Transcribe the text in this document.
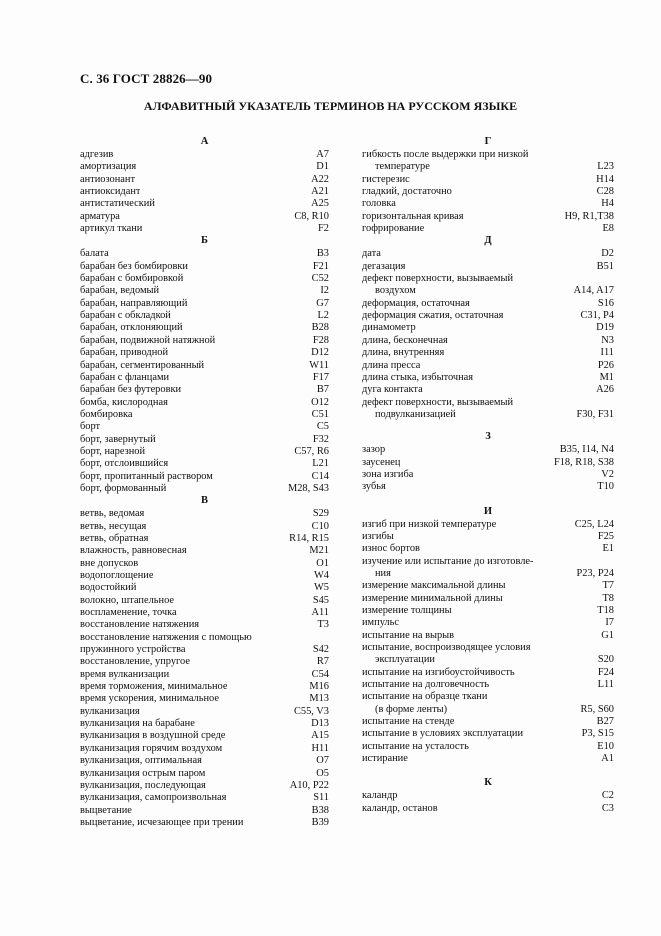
С. 36 ГОСТ 28826—90
АЛФАВИТНЫЙ УКАЗАТЕЛЬ ТЕРМИНОВ НА РУССКОМ ЯЗЫКЕ
А
адгезив	A7
амортизация	D1
антиозонант	A22
антиоксидант	A21
антистатический	A25
арматура	C8, R10
артикул ткани	F2
Б
балата	B3
барабан без бомбировки	F21
барабан с бомбировкой	C52
барабан, ведомый	I2
барабан, направляющий	G7
барабан с обкладкой	L2
барабан, отклоняющий	B28
барабан, подвижной натяжной	F28
барабан, приводной	D12
барабан, сегментированный	W11
барабан с фланцами	F17
барабан без футеровки	B7
бомба, кислородная	O12
бомбировка	C51
борт	C5
борт, завернутый	F32
борт, нарезной	C57, R6
борт, отслоившийся	L21
борт, пропитанный раствором	C14
борт, формованный	M28, S43
В
ветвь, ведомая	S29
ветвь, несущая	C10
ветвь, обратная	R14, R15
влажность, равновесная	M21
вне допусков	O1
водопоглощение	W4
водостойкий	W5
волокно, штапельное	S45
воспламенение, точка	A11
восстановление натяжения	T3
восстановление натяжения с помощью
пружинного устройства	S42
восстановление, упругое	R7
время вулканизации	C54
время торможения, минимальное	M16
время ускорения, минимальное	M13
вулканизация	C55, V3
вулканизация на барабане	D13
вулканизация в воздушной среде	A15
вулканизация горячим воздухом	H11
вулканизация, оптимальная	O7
вулканизация острым паром	O5
вулканизация, последующая	A10, P22
вулканизация, самопроизвольная	S11
выцветание	B38
выцветание, исчезающее при трении	B39
Г
гибкость после выдержки при низкой
температуре	L23
гистерезис	H14
гладкий, достаточно	C28
головка	H4
горизонтальная кривая	H9, R1,T38
гофрирование	E8
Д
дата	D2
дегазация	B51
дефект поверхности, вызываемый
воздухом	A14, A17
деформация, остаточная	S16
деформация сжатия, остаточная	C31, P4
динамометр	D19
длина, бесконечная	N3
длина, внутренняя	I11
длина пресса	P26
длина стыка, избыточная	M1
дуга контакта	A26
дефект поверхности, вызываемый
подвулканизацией	F30, F31
З
зазор	B35, I14, N4
заусенец	F18, R18, S38
зона изгиба	V2
зубья	T10
И
изгиб при низкой температуре	C25, L24
изгибы	F25
износ бортов	E1
изучение или испытание до изготовле-
ния	P23, P24
измерение максимальной длины	T7
измерение минимальной длины	T8
измерение толщины	T18
импульс	I7
испытание на вырыв	G1
испытание, воспроизводящее условия
эксплуатации	S20
испытание на изгибоустойчивость	F24
испытание на долговечность	L11
испытание на образце ткани
(в форме ленты)	R5, S60
испытание на стенде	B27
испытание в условиях эксплуатации	P3, S15
испытание на усталость	E10
истирание	A1
К
каландр	C2
каландр, останов	C3
